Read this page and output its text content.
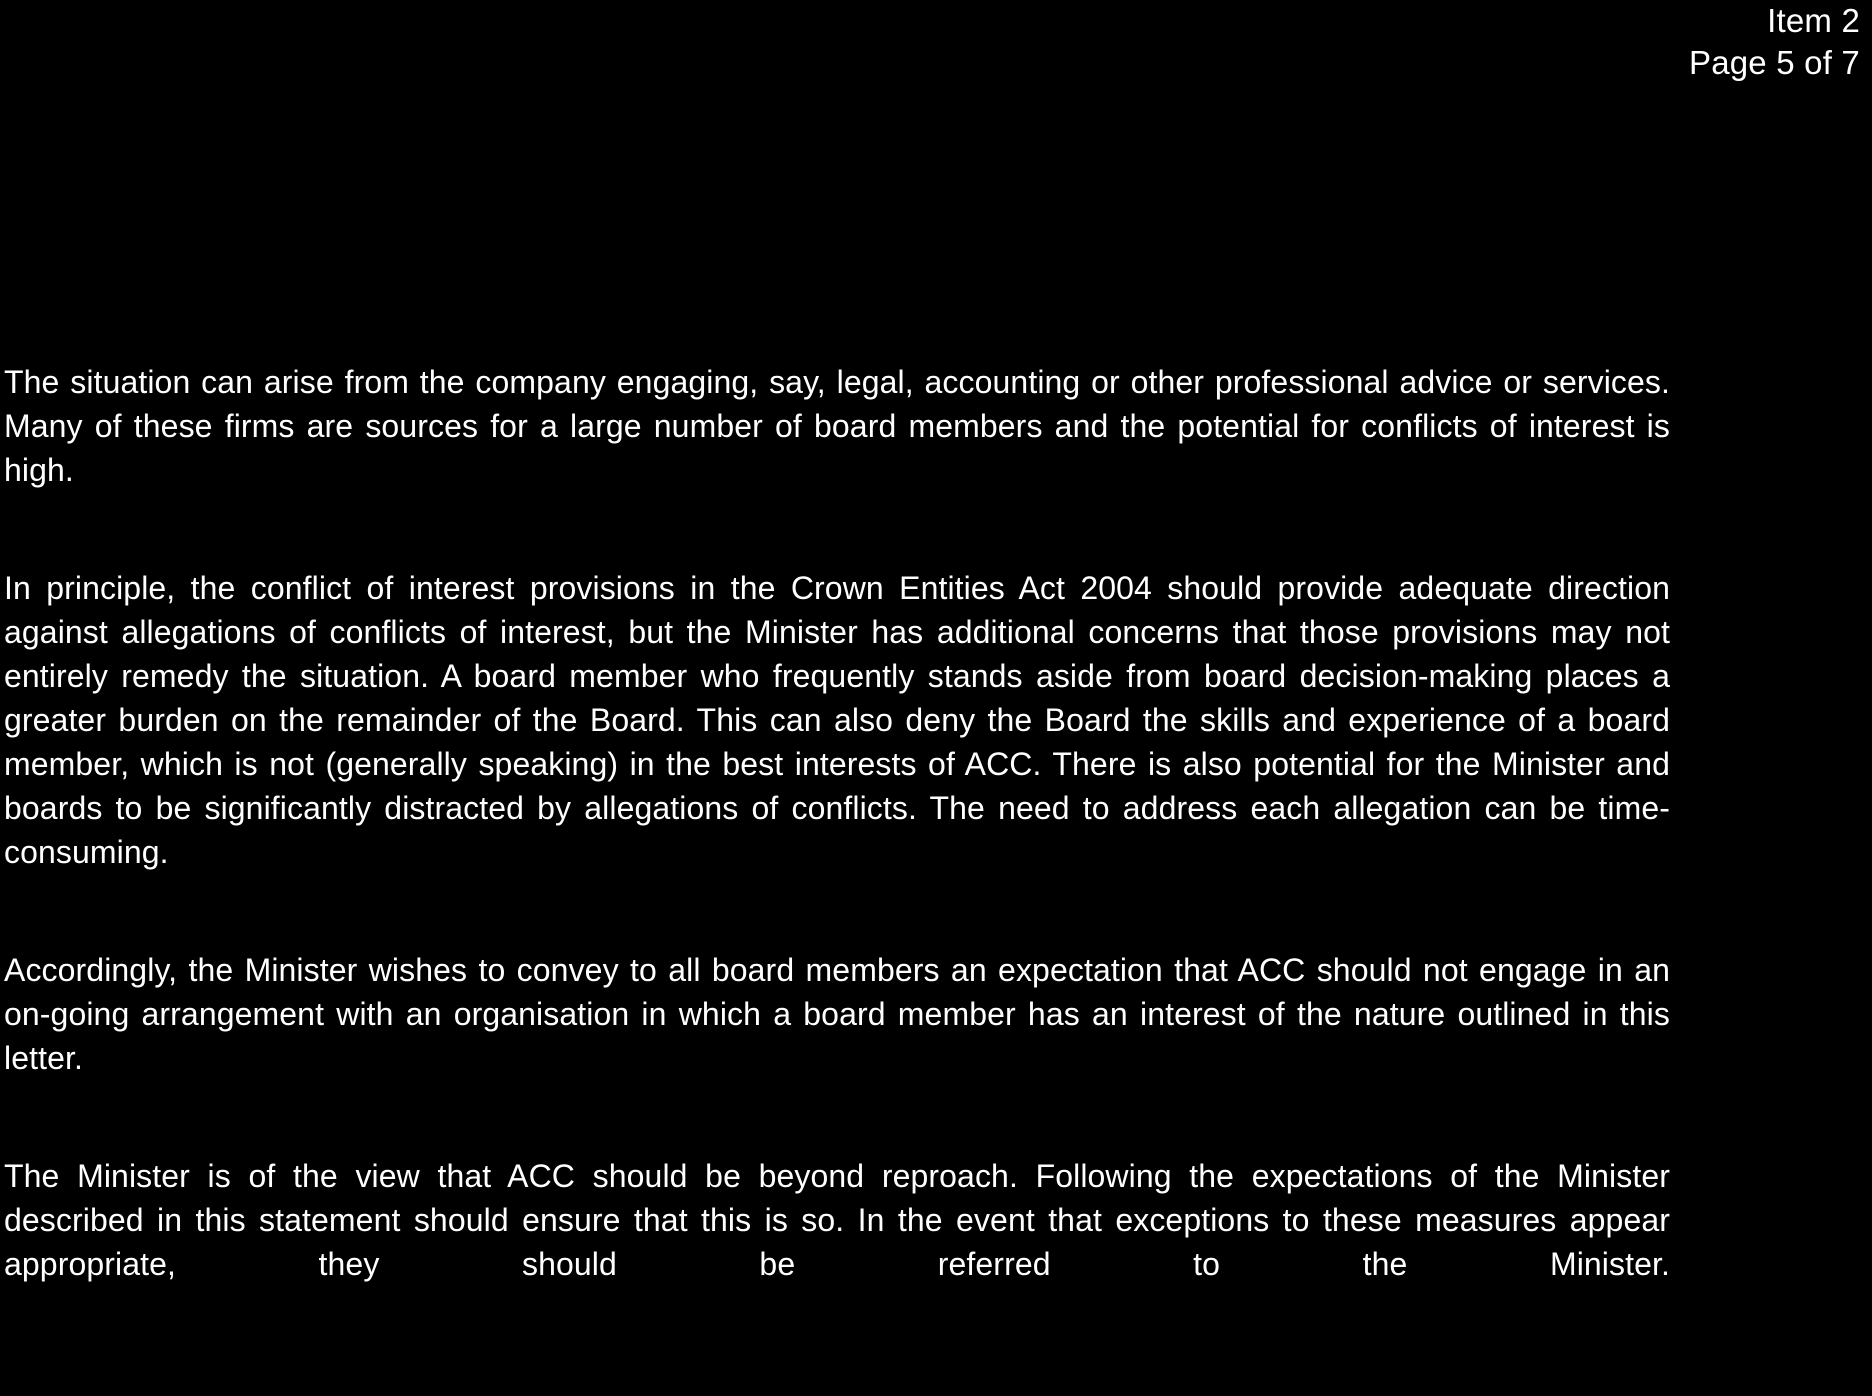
Item 2
Page 5 of 7

The situation can arise from the company engaging, say, legal, accounting or other professional advice or services. Many of these firms are sources for a large number of board members and the potential for conflicts of interest is high.

In principle, the conflict of interest provisions in the Crown Entities Act 2004 should provide adequate direction against allegations of conflicts of interest, but the Minister has additional concerns that those provisions may not entirely remedy the situation. A board member who frequently stands aside from board decision-making places a greater burden on the remainder of the Board. This can also deny the Board the skills and experience of a board member, which is not (generally speaking) in the best interests of ACC. There is also potential for the Minister and boards to be significantly distracted by allegations of conflicts. The need to address each allegation can be time-consuming.

Accordingly, the Minister wishes to convey to all board members an expectation that ACC should not engage in an on-going arrangement with an organisation in which a board member has an interest of the nature outlined in this letter.

The Minister is of the view that ACC should be beyond reproach. Following the expectations of the Minister described in this statement should ensure that this is so. In the event that exceptions to these measures appear appropriate, they should be referred to the Minister.
